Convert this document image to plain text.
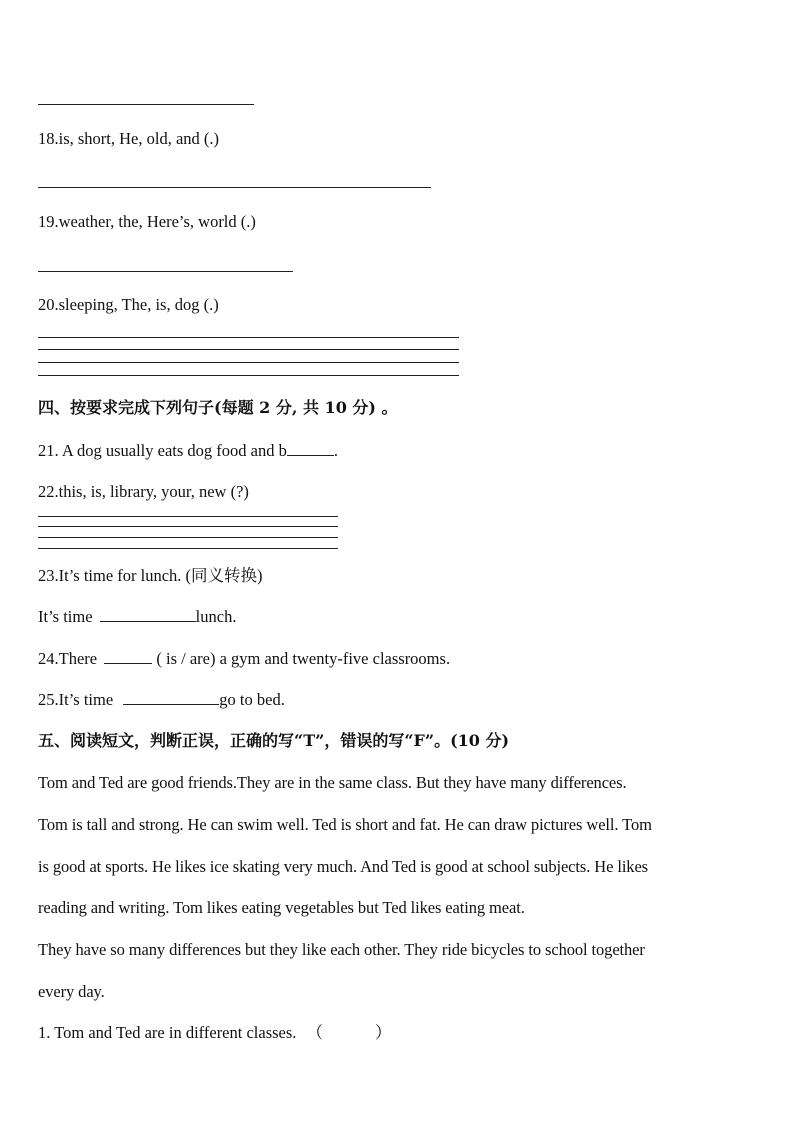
18.is, short, He, old, and (.)
19.weather, the, Here’s, world (.)
20.sleeping, The, is, dog (.)
四、按要求完成下列句子(每题 2 分, 共 10 分) 。
21. A dog usually eats dog food and b	.
22.this, is, library, your, new (?)
23.It’s time for lunch. (同义转换)
It’s time	lunch.
24.There	( is / are) a gym and twenty-five classrooms.
25.It’s time	go to bed.
五、阅读短文，判断正误，正确的写“T”，错误的写“F”。(10 分)
Tom and Ted are good friends.They are in the same class. But they have many differences.
Tom is tall and strong. He can swim well. Ted is short and fat. He can draw pictures well. Tom
is good at sports. He likes ice skating very much. And Ted is good at school subjects. He likes
reading and writing. Tom likes eating vegetables but Ted likes eating meat.
They have so many differences but they like each other. They ride bicycles to school together
every day.
1. Tom and Ted are in different classes. （	）
